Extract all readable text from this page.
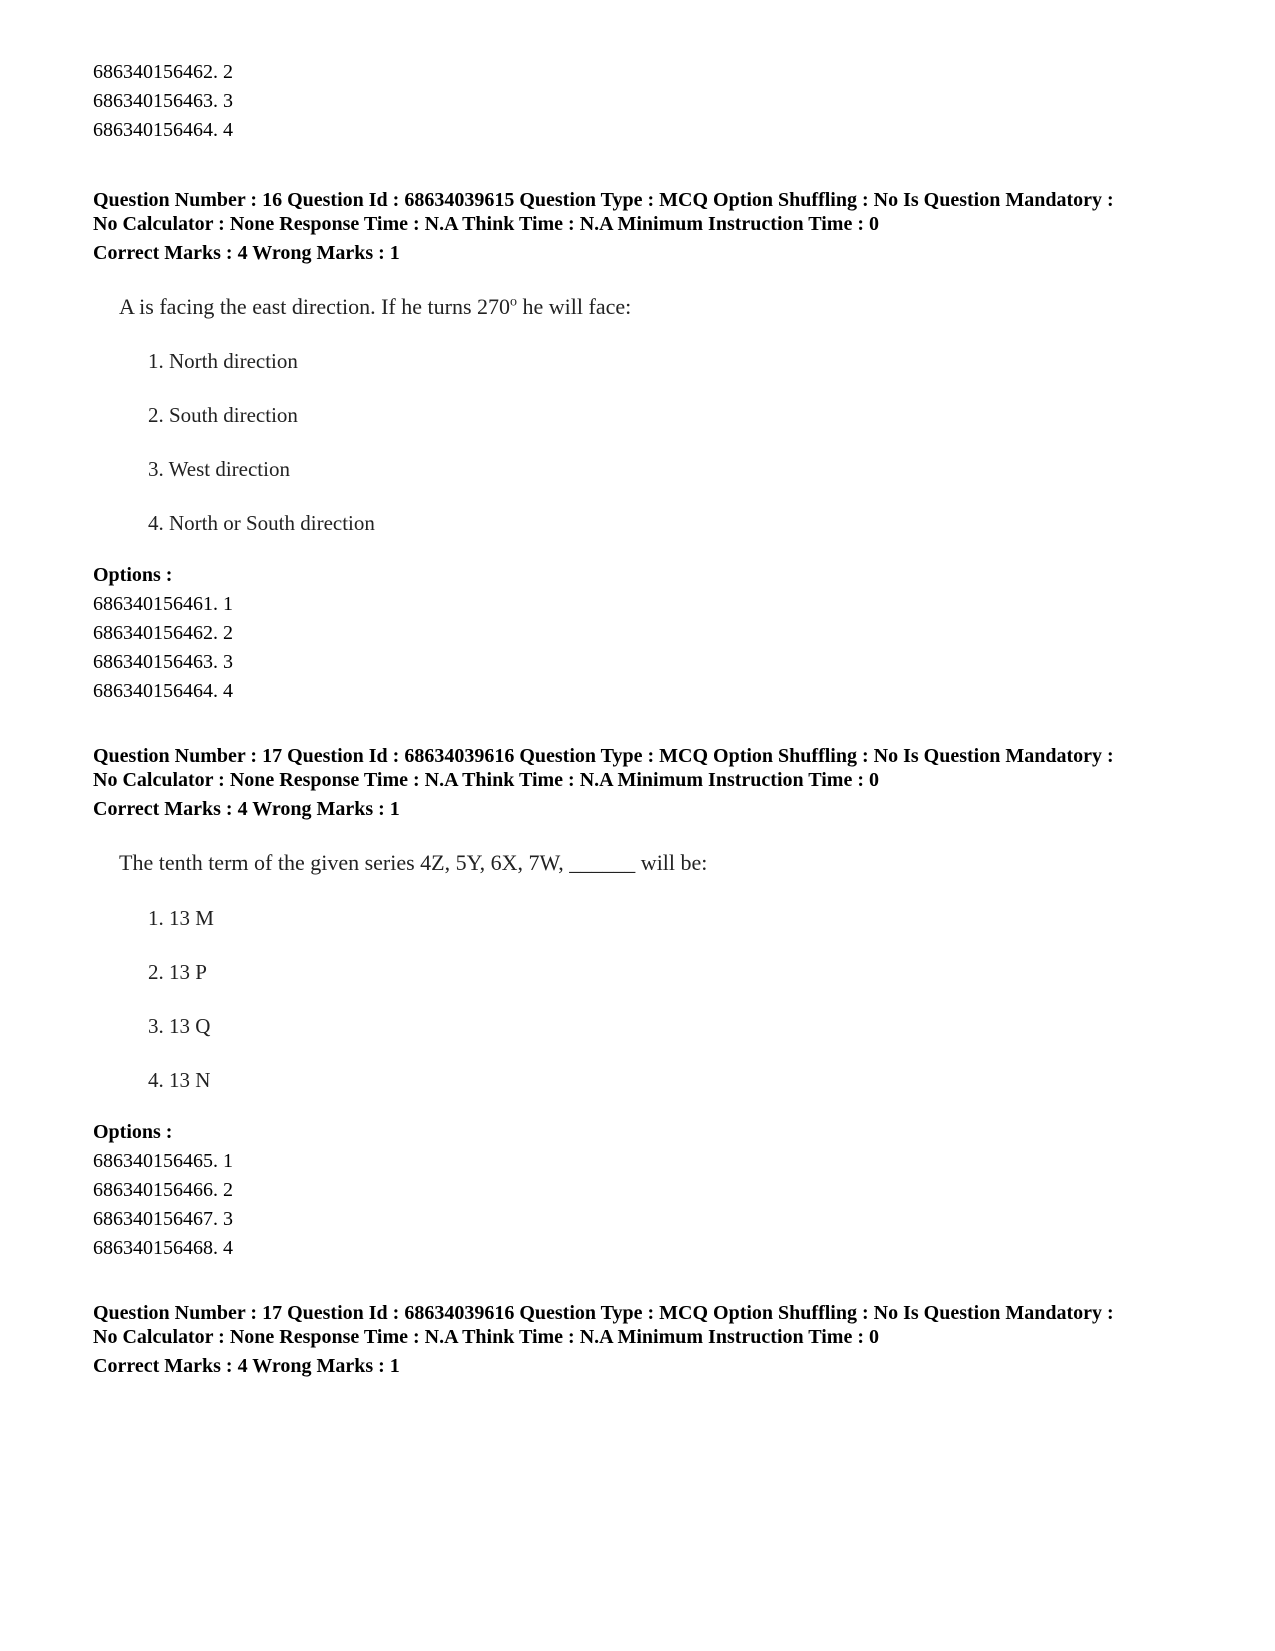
686340156462. 2
686340156463. 3
686340156464. 4
Question Number : 16 Question Id : 68634039615 Question Type : MCQ Option Shuffling : No Is Question Mandatory :
No Calculator : None Response Time : N.A Think Time : N.A Minimum Instruction Time : 0
Correct Marks : 4 Wrong Marks : 1
A is facing the east direction. If he turns 270$^o$ he will face:
1. North direction
2. South direction
3. West direction
4. North or South direction
Options :
686340156461. 1
686340156462. 2
686340156463. 3
686340156464. 4
Question Number : 17 Question Id : 68634039616 Question Type : MCQ Option Shuffling : No Is Question Mandatory :
No Calculator : None Response Time : N.A Think Time : N.A Minimum Instruction Time : 0
Correct Marks : 4 Wrong Marks : 1
The tenth term of the given series 4Z, 5Y, 6X, 7W, ______ will be:
1. 13 M
2. 13 P
3. 13 Q
4. 13 N
Options :
686340156465. 1
686340156466. 2
686340156467. 3
686340156468. 4
Question Number : 17 Question Id : 68634039616 Question Type : MCQ Option Shuffling : No Is Question Mandatory :
No Calculator : None Response Time : N.A Think Time : N.A Minimum Instruction Time : 0
Correct Marks : 4 Wrong Marks : 1
